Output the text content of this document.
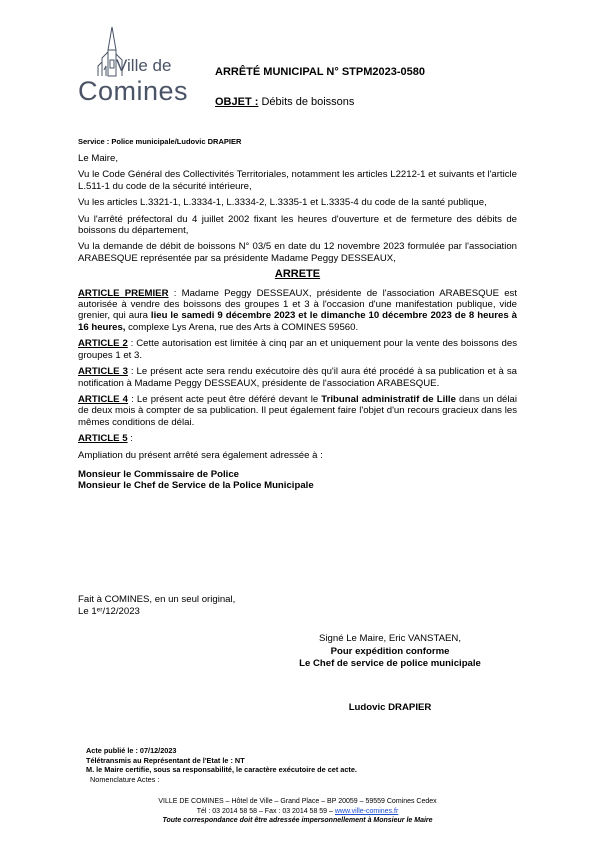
Ville de
Comines
ARRÊTÉ MUNICIPAL N° STPM2023-0580
OBJET : Débits de boissons
Service : Police municipale/Ludovic DRAPIER

Le Maire,

Vu le Code Général des Collectivités Territoriales, notamment les articles L2212-1 et suivants et l'article L.511-1 du code de la sécurité intérieure,

Vu les articles L.3321-1, L.3334-1, L.3334-2, L.3335-1 et L.3335-4 du code de la santé publique,

Vu l'arrêté préfectoral du 4 juillet 2002 fixant les heures d'ouverture et de fermeture des débits de boissons du département,

Vu la demande de débit de boissons N° 03/5 en date du 12 novembre 2023 formulée par l'association ARABESQUE représentée par sa présidente Madame Peggy DESSEAUX,

ARRETE

ARTICLE PREMIER : Madame Peggy DESSEAUX, présidente de l'association ARABESQUE est autorisée à vendre des boissons des groupes 1 et 3 à l'occasion d'une manifestation publique, vide grenier, qui aura lieu le samedi 9 décembre 2023 et le dimanche 10 décembre 2023 de 8 heures à 16 heures, complexe Lys Arena, rue des Arts à COMINES 59560.

ARTICLE 2 : Cette autorisation est limitée à cinq par an et uniquement pour la vente des boissons des groupes 1 et 3.

ARTICLE 3 : Le présent acte sera rendu exécutoire dès qu'il aura été procédé à sa publication et à sa notification à Madame Peggy DESSEAUX, présidente de l'association ARABESQUE.

ARTICLE 4 : Le présent acte peut être déféré devant le Tribunal administratif de Lille dans un délai de deux mois à compter de sa publication. Il peut également faire l'objet d'un recours gracieux dans les mêmes conditions de délai.

ARTICLE 5 :

Ampliation du présent arrêté sera également adressée à :

Monsieur le Commissaire de Police
Monsieur le Chef de Service de la Police Municipale
Fait à COMINES, en un seul original,
Le 1ᵉʳ/12/2023
Signé Le Maire, Eric VANSTAEN,
Pour expédition conforme
Le Chef de service de police municipale
Ludovic DRAPIER
Acte publié le : 07/12/2023
Télétransmis au Représentant de l'Etat le : NT
M. le Maire certifie, sous sa responsabilité, le caractère exécutoire de cet acte.
Nomenclature Actes :
VILLE DE COMINES – Hôtel de Ville – Grand Place – BP 20059 – 59559 Comines Cedex
Tél : 03 2014 58 58 – Fax : 03 2014 58 59 – www.ville-comines.fr
Toute correspondance doit être adressée impersonnellement à Monsieur le Maire
